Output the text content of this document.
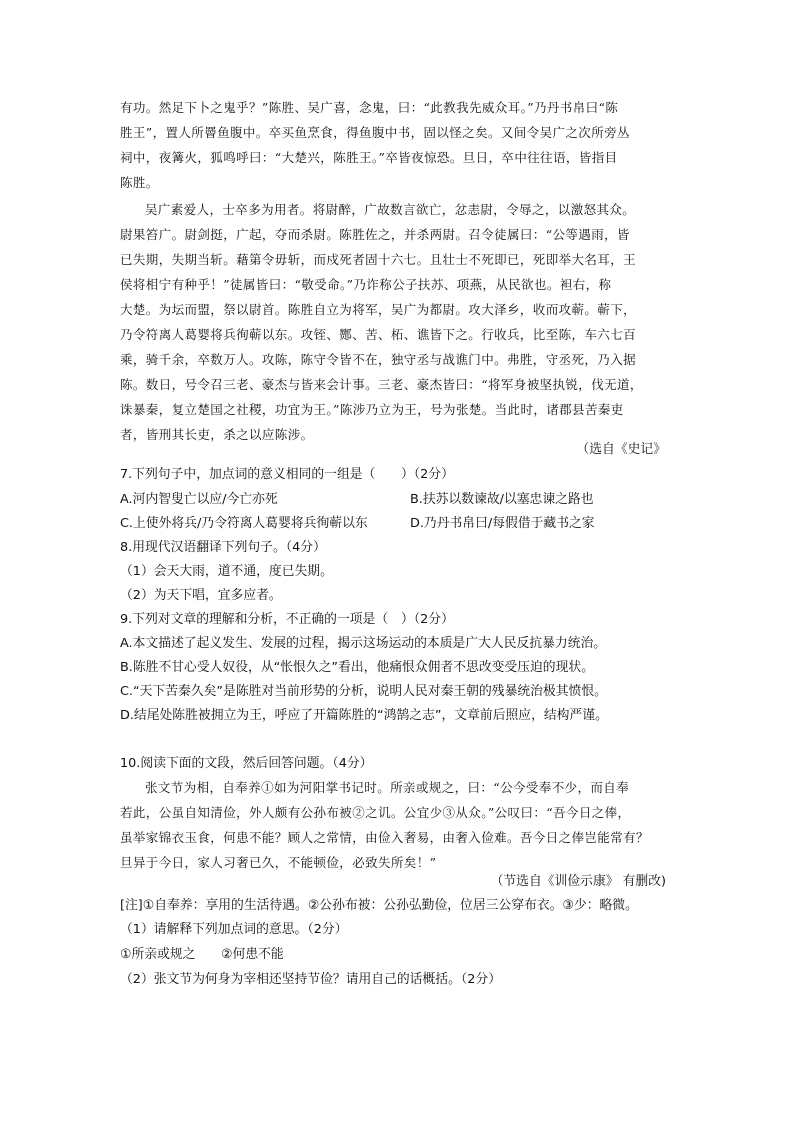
有功。然足下卜之鬼乎？”陈胜、吴广喜，念鬼，曰：“此教我先威众耳。”乃丹书帛曰“陈
胜王”，置人所罾鱼腹中。卒买鱼烹食，得鱼腹中书，固以怪之矣。又间令吴广之次所旁丛
祠中，夜篝火，狐鸣呼曰：“大楚兴，陈胜王。”卒皆夜惊恐。旦日，卒中往往语，皆指目
陈胜。
吴广素爱人，士卒多为用者。将尉醉，广故数言欲亡，忿恚尉，令辱之，以激怒其众。
尉果笞广。尉剑挺，广起，夺而杀尉。陈胜佐之，并杀两尉。召令徒属曰：“公等遇雨，皆
已失期，失期当斩。藉第令毋斩，而戍死者固十六七。且壮士不死即已，死即举大名耳，王
侯将相宁有种乎！”徒属皆曰：“敬受命。”乃诈称公子扶苏、项燕，从民欲也。袒右，称
大楚。为坛而盟，祭以尉首。陈胜自立为将军，吴广为都尉。攻大泽乡，收而攻蕲。蕲下，
乃令符离人葛婴将兵徇蕲以东。攻铚、酂、苦、柘、谯皆下之。行收兵，比至陈，车六七百
乘，骑千余，卒数万人。攻陈，陈守令皆不在，独守丞与战谯门中。弗胜，守丞死，乃入据
陈。数日，号令召三老、豪杰与皆来会计事。三老、豪杰皆曰：“将军身被坚执锐，伐无道，
诛暴秦，复立楚国之社稷，功宜为王。”陈涉乃立为王，号为张楚。当此时，诸郡县苦秦吏
者，皆刑其长吏，杀之以应陈涉。
（选自《史记》
7.下列句子中，加点词的意义相同的一组是（　　）（2分）
A.河内智叟亡以应/今亡亦死	B.扶苏以数谏故/以塞忠谏之路也
C.上使外将兵/乃令符离人葛婴将兵徇蕲以东	D.乃丹书帛曰/每假借于藏书之家
8.用现代汉语翻译下列句子。（4分）
（1）会天大雨，道不通，度已失期。
（2）为天下唱，宜多应者。
9.下列对文章的理解和分析，不正确的一项是（　）（2分）
A.本文描述了起义发生、发展的过程，揭示这场运动的本质是广大人民反抗暴力统治。
B.陈胜不甘心受人奴役，从“怅恨久之”看出，他痛恨众佣者不思改变受压迫的现状。
C.“天下苦秦久矣”是陈胜对当前形势的分析，说明人民对秦王朝的残暴统治极其愤恨。
D.结尾处陈胜被拥立为王，呼应了开篇陈胜的“鸿鹄之志”，文章前后照应，结构严谨。
10.阅读下面的文段，然后回答问题。（4分）
张文节为相，自奉养①如为河阳掌书记时。所亲或规之，曰：“公今受奉不少，而自奉
若此，公虽自知清俭，外人颇有公孙布被②之讥。公宜少③从众。”公叹曰：“吾今日之俸，
虽举家锦衣玉食，何患不能？顾人之常情，由俭入奢易，由奢入俭难。吾今日之俸岂能常有？
旦异于今日，家人习奢已久，不能顿俭，必致失所矣！”
（节选自《训俭示康》 有删改)
[注]①自奉养：享用的生活待遇。②公孙布被：公孙弘勤俭，位居三公穿布衣。③少：略微。
（1）请解释下列加点词的意思。（2分）
①所亲或规之　　②何患不能
（2）张文节为何身为宰相还坚持节俭？请用自己的话概括。（2分）
